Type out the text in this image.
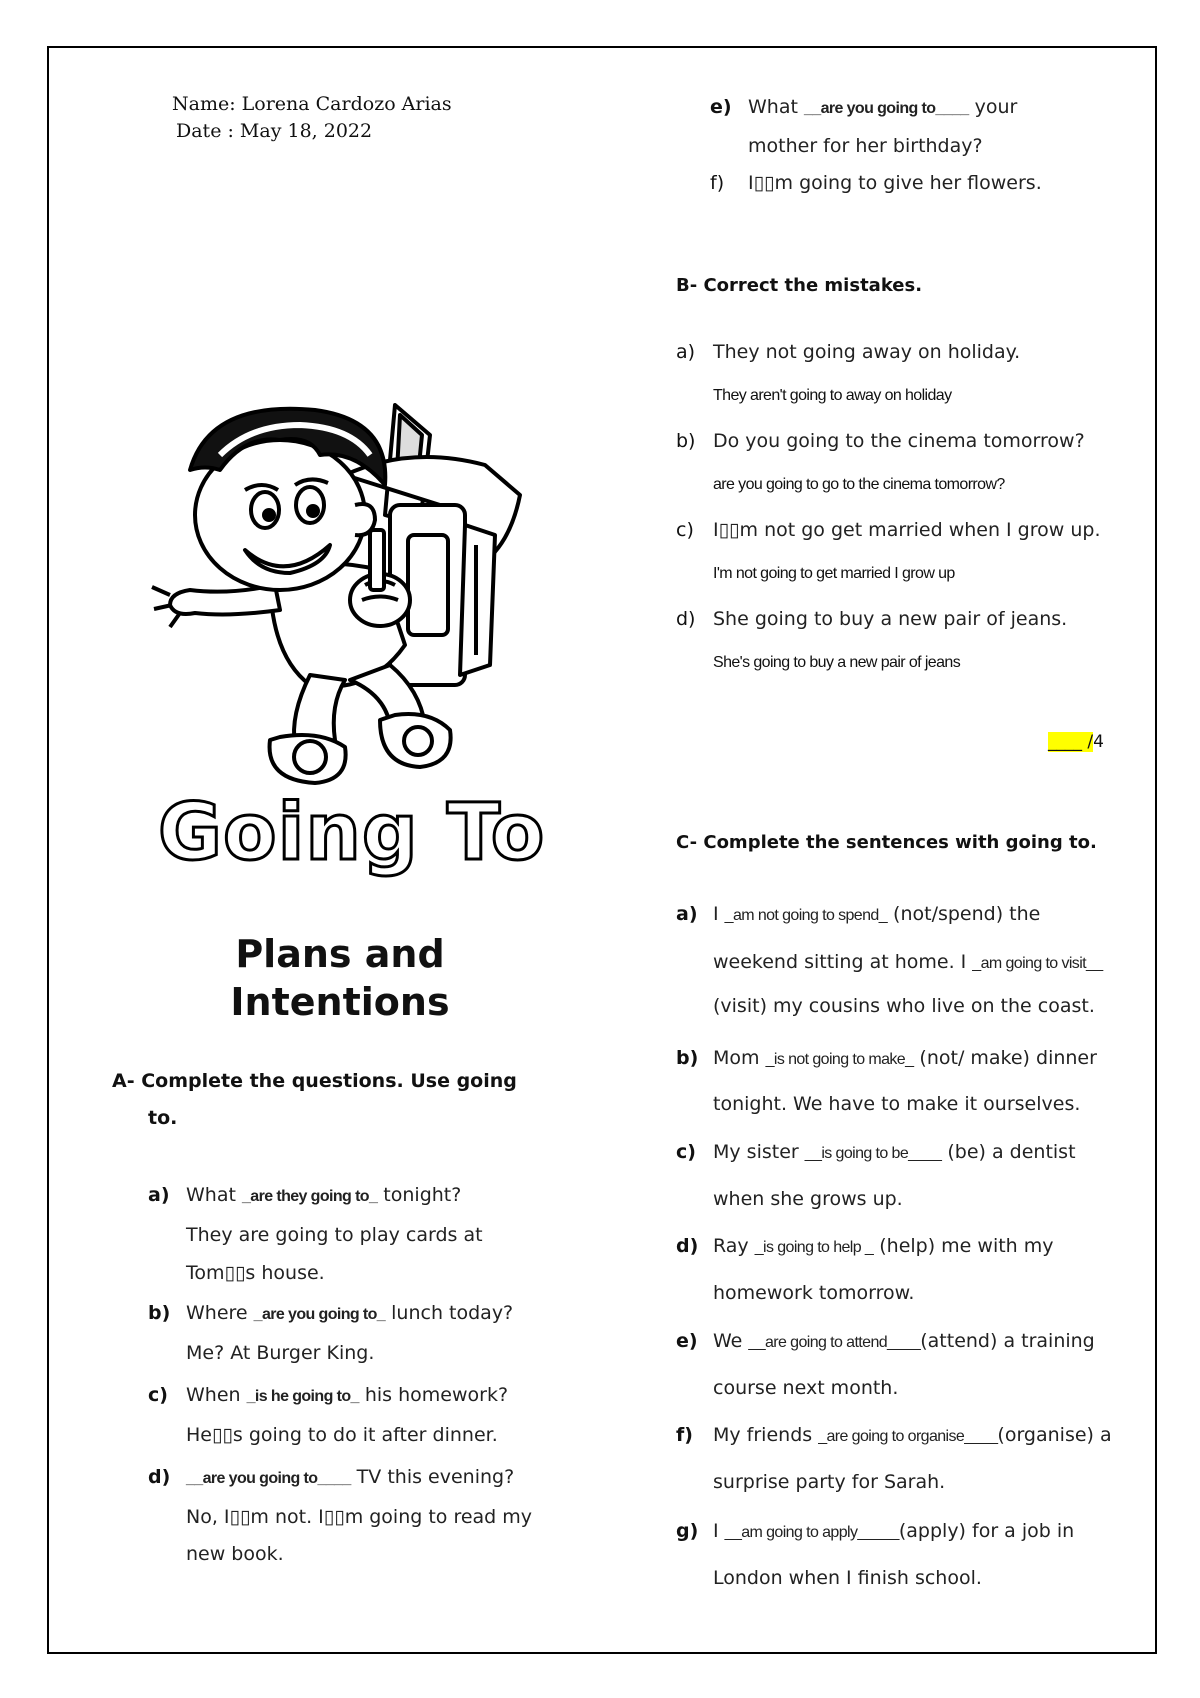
Name: Lorena Cardozo Arias
Date : May 18, 2022
Going To
Plans and
Intentions
A- Complete the questions. Use going
to.
a) What _are they going to_ tonight?
They are going to play cards at
Tom▯▯s house.
b) Where _are you going to_ lunch today?
Me? At Burger King.
c) When _is he going to_ his homework?
He▯▯s going to do it after dinner.
d) __are you going to____ TV this evening?
No, I▯▯m not. I▯▯m going to read my
new book.
e) What __are you going to____ your
mother for her birthday?
f) I▯▯m going to give her flowers.
B- Correct the mistakes.
a) They not going away on holiday.
They aren't going to away on holiday
b) Do you going to the cinema tomorrow?
are you going to go to the cinema tomorrow?
c) I▯▯m not go get married when I grow up.
I'm not going to get married I grow up
d) She going to buy a new pair of jeans.
She's going to buy a new pair of jeans
____ /4
C- Complete the sentences with going to.
a) I _am not going to spend_ (not/spend) the
weekend sitting at home. I _am going to visit__
(visit) my cousins who live on the coast.
b) Mom _is not going to make_ (not/ make) dinner
tonight. We have to make it ourselves.
c) My sister __is going to be____ (be) a dentist
when she grows up.
d) Ray _is going to help _ (help) me with my
homework tomorrow.
e) We __are going to attend____(attend) a training
course next month.
f) My friends _are going to organise____(organise) a
surprise party for Sarah.
g) I __am going to apply_____(apply) for a job in
London when I finish school.
